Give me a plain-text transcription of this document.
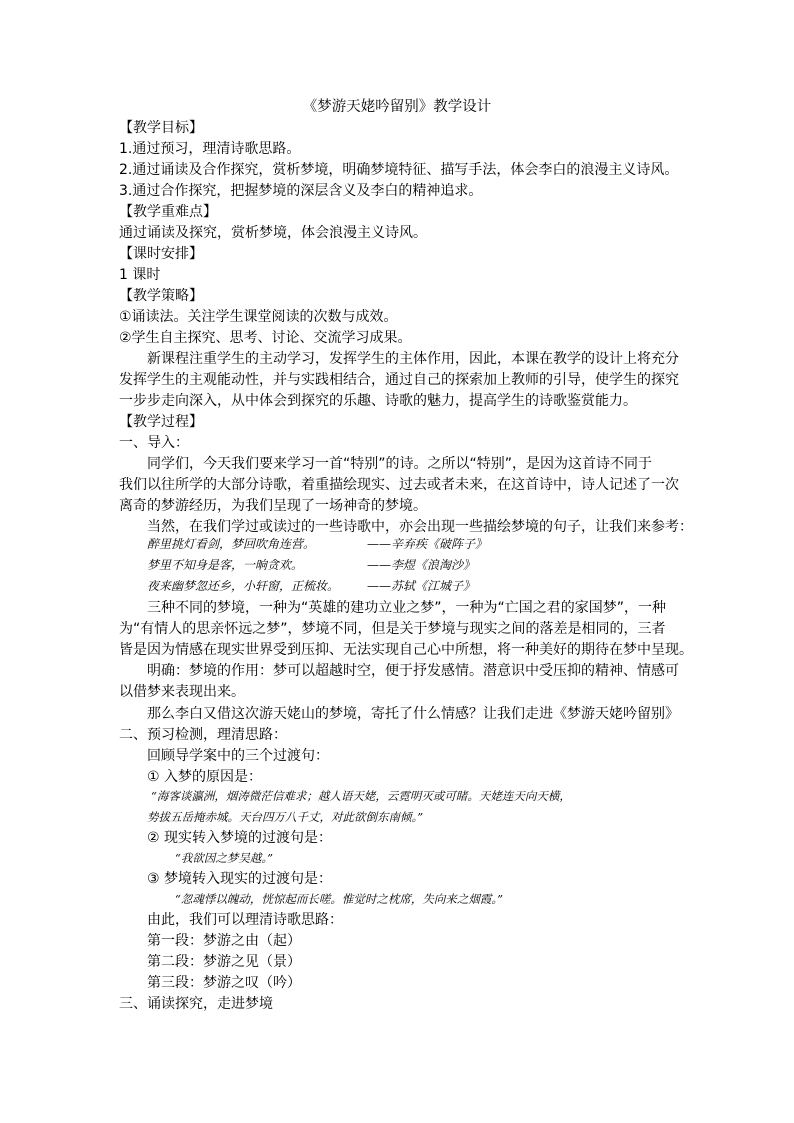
《梦游天姥吟留别》教学设计
【教学目标】
1.通过预习，理清诗歌思路。
2.通过诵读及合作探究，赏析梦境，明确梦境特征、描写手法，体会李白的浪漫主义诗风。
3.通过合作探究，把握梦境的深层含义及李白的精神追求。
【教学重难点】
通过诵读及探究，赏析梦境，体会浪漫主义诗风。
【课时安排】
1 课时
【教学策略】
①诵读法。关注学生课堂阅读的次数与成效。
②学生自主探究、思考、讨论、交流学习成果。
新课程注重学生的主动学习，发挥学生的主体作用，因此，本课在教学的设计上将充分
发挥学生的主观能动性，并与实践相结合，通过自己的探索加上教师的引导，使学生的探究
一步步走向深入，从中体会到探究的乐趣、诗歌的魅力，提高学生的诗歌鉴赏能力。
【教学过程】
一、导入：
同学们，今天我们要来学习一首“特别”的诗。之所以“特别”，是因为这首诗不同于
我们以往所学的大部分诗歌，着重描绘现实、过去或者未来，在这首诗中，诗人记述了一次
离奇的梦游经历，为我们呈现了一场神奇的梦境。
当然，在我们学过或读过的一些诗歌中，亦会出现一些描绘梦境的句子，让我们来参考：
醉里挑灯看剑，梦回吹角连营。	——辛弃疾《破阵子》
梦里不知身是客，一晌贪欢。	——李煜《浪淘沙》
夜来幽梦忽还乡，小轩窗，正梳妆。 ——苏轼《江城子》
三种不同的梦境，一种为“英雄的建功立业之梦”，一种为“亡国之君的家国梦”，一种
为“有情人的思亲怀远之梦”，梦境不同，但是关于梦境与现实之间的落差是相同的，三者
皆是因为情感在现实世界受到压抑、无法实现自己心中所想，将一种美好的期待在梦中呈现。
明确：梦境的作用：梦可以超越时空，便于抒发感情。潜意识中受压抑的精神、情感可
以借梦来表现出来。
那么李白又借这次游天姥山的梦境，寄托了什么情感？让我们走进《梦游天姥吟留别》
二、预习检测，理清思路：
回顾导学案中的三个过渡句：
① 入梦的原因是：
“海客谈瀛洲，烟涛微茫信难求；越人语天姥，云霓明灭或可睹。天姥连天向天横，
势拔五岳掩赤城。天台四万八千丈，对此欲倒东南倾。”
② 现实转入梦境的过渡句是：
“我欲因之梦吴越。”
③ 梦境转入现实的过渡句是：
“忽魂悸以魄动，恍惊起而长嗟。惟觉时之枕席，失向来之烟霞。”
由此，我们可以理清诗歌思路：
第一段：梦游之由（起）
第二段：梦游之见（景）
第三段：梦游之叹（吟）
三、诵读探究，走进梦境
